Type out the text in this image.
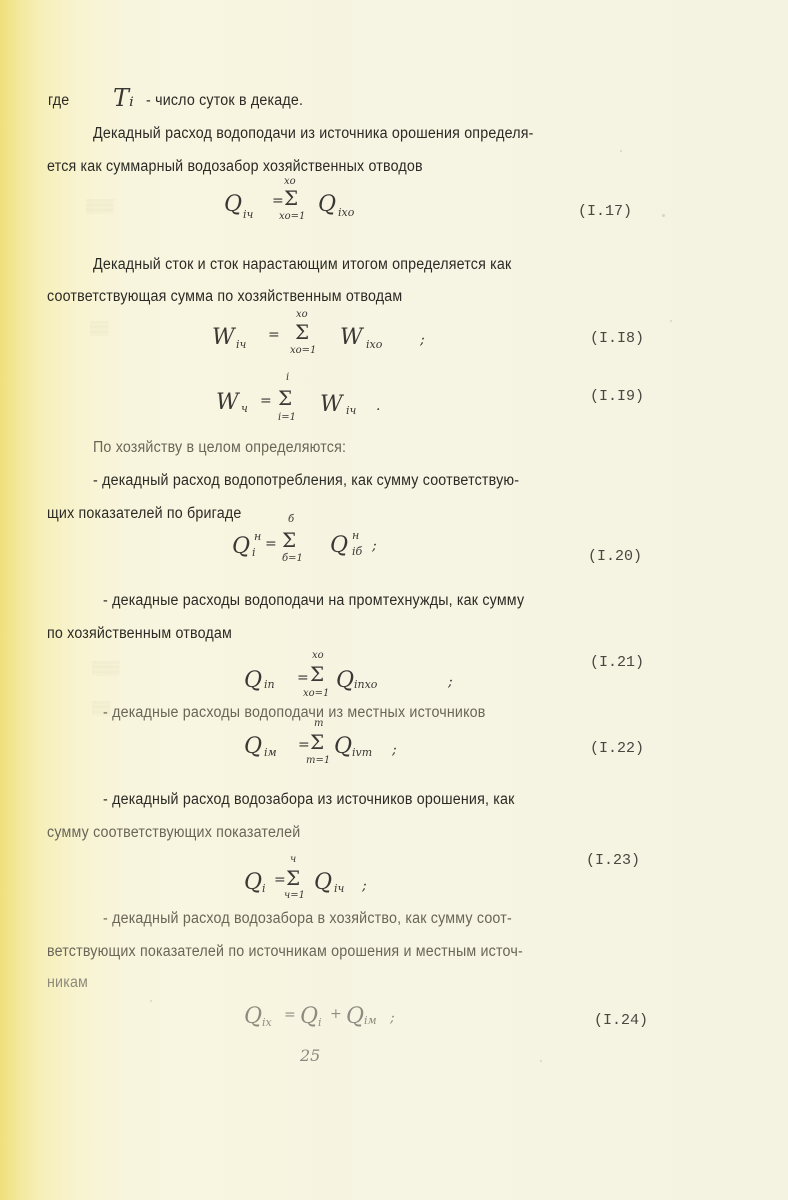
▒▒▒
▒▒
▒▒▒
▒▒
где Tᵢ - число суток в декаде.
Декадный расход водоподачи из источника орошения определя-
ется как суммарный водозабор хозяйственных отводов
Q iч
=
хо
Σ
хо=1 Q iхо	(I.17)
Декадный сток и сток нарастающим итогом определяется как
соответствующая сумма по хозяйственным отводам
W iч
=
хо
Σ
хо=1
W iхо	;	(I.I8)
W ч =
i
Σ
i=1
W iч .
(I.I9)
По хозяйству в целом определяются:
- декадный расход водопотребления, как сумму соответствую-
щих показателей по бригаде
Q н
i
=
б
Σ
б=1
Q н
iб ;
(I.20)
- декадные расходы водоподачи на промтехнужды, как сумму
по хозяйственным отводам
Q iп =
хо
Σ
хо=1
Q iпхо	;
(I.21)
- декадные расходы водоподачи из местных источников
Q iм =
m
Σ
m=1
Q ivm ;	(I.22)
- декадный расход водозабора из источников орошения, как
сумму соответствующих показателей
Q i
=
ч
Σ
ч=1
Q iч ;
(I.23)
- декадный расход водозабора в хозяйство, как сумму соот-
ветствующих показателей по источникам орошения и местным источ-
никам
Q iх = Q i
+ Q iм ;	(I.24)
25
